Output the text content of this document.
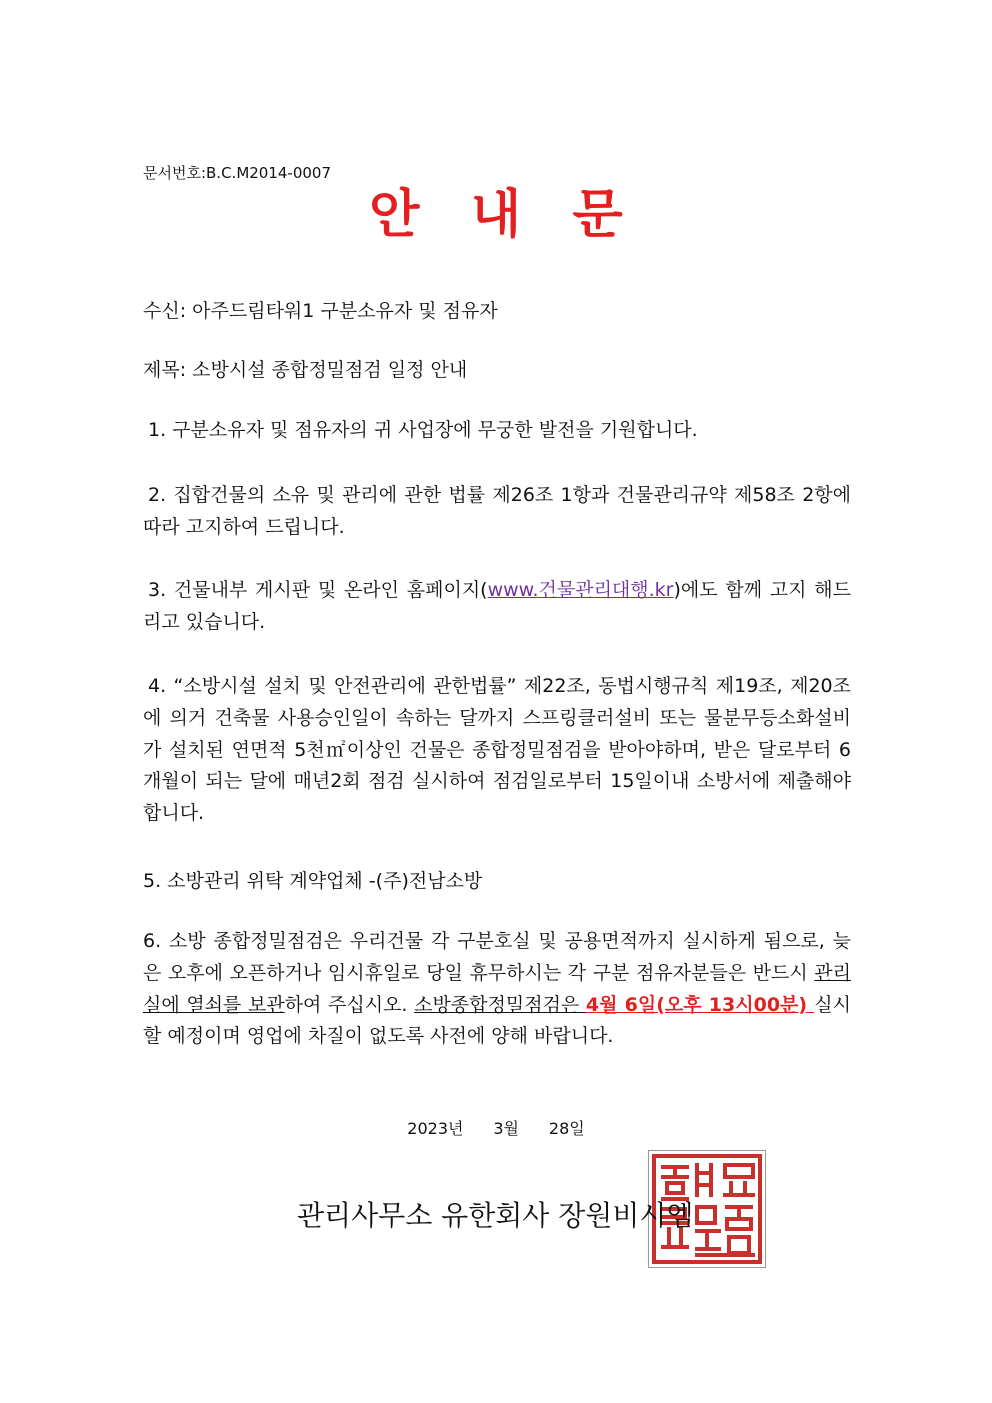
문서번호:B.C.M2014-0007
안 내 문
수신: 아주드림타워1 구분소유자 및 점유자
제목: 소방시설 종합정밀점검 일정 안내
1. 구분소유자 및 점유자의 귀 사업장에 무궁한 발전을 기원합니다.
2. 집합건물의 소유 및 관리에 관한 법률 제26조 1항과 건물관리규약 제58조 2항에 따라 고지하여 드립니다.
3. 건물내부 게시판 및 온라인 홈페이지(www.건물관리대행.kr)에도 함께 고지 해드리고 있습니다.
4. “소방시설 설치 및 안전관리에 관한법률” 제22조, 동법시행규칙 제19조, 제20조에 의거 건축물 사용승인일이 속하는 달까지 스프링클러설비 또는 물분무등소화설비가 설치된 연면적 5천㎡이상인 건물은 종합정밀점검을 받아야하며, 받은 달로부터 6개월이 되는 달에 매년2회 점검 실시하여 점검일로부터 15일이내 소방서에 제출해야 합니다.
5. 소방관리 위탁 계약업체 -(주)전남소방
6. 소방 종합정밀점검은 우리건물 각 구분호실 및 공용면적까지 실시하게 됨으로, 늦은 오후에 오픈하거나 임시휴일로 당일 휴무하시는 각 구분 점유자분들은 반드시 관리실에 열쇠를 보관하여 주십시오. 소방종합정밀점검은 4월 6일(오후 13시00분) 실시할 예정이며 영업에 차질이 없도록 사전에 양해 바랍니다.
2023년 3월 28일
관리사무소 유한회사 장원비시엠
